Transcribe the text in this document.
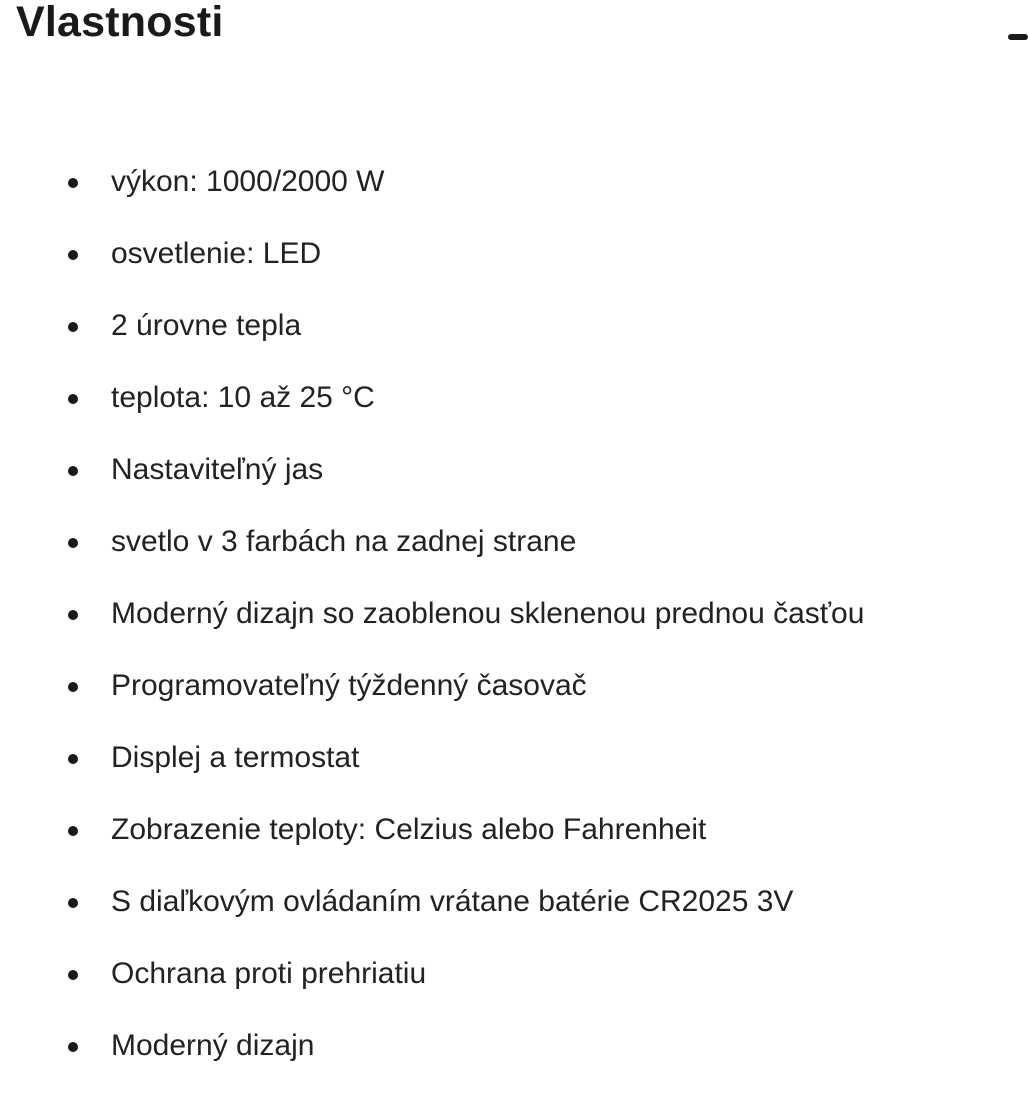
Vlastnosti
výkon: 1000/2000 W
osvetlenie: LED
2 úrovne tepla
teplota: 10 až 25 °C
Nastaviteľný jas
svetlo v 3 farbách na zadnej strane
Moderný dizajn so zaoblenou sklenenou prednou časťou
Programovateľný týždenný časovač
Displej a termostat
Zobrazenie teploty: Celzius alebo Fahrenheit
S diaľkovým ovládaním vrátane batérie CR2025 3V
Ochrana proti prehriatiu
Moderný dizajn
